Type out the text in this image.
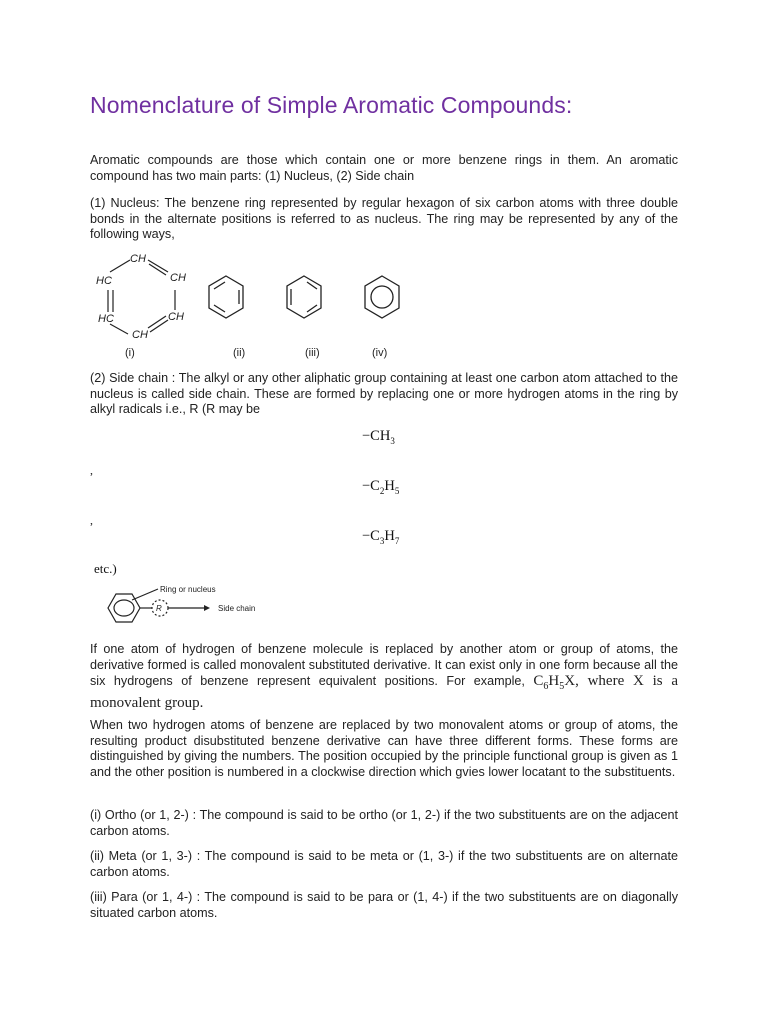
Nomenclature of Simple Aromatic Compounds:

Aromatic compounds are those which contain one or more benzene rings in them. An aromatic compound has two main parts: (1) Nucleus, (2) Side chain

(1) Nucleus: The benzene ring represented by regular hexagon of six carbon atoms with three double bonds in the alternate positions is referred to as nucleus. The ring may be represented by any of the following ways,

CH
HC	CH
HC
CH
CH
(i)	(ii)	(iii)	(iv)

(2) Side chain : The alkyl or any other aliphatic group containing at least one carbon atom attached to the nucleus is called side chain. These are formed by replacing one or more hydrogen atoms in the ring by alkyl radicals i.e., R (R may be

$-CH_3$
,
$-C_2H_5$
,
$-C_3H_7$
etc.)
Ring or nucleus
R	Side chain

If one atom of hydrogen of benzene molecule is replaced by another atom or group of atoms, the derivative formed is called monovalent substituted derivative. It can exist only in one form because all the six hydrogens of benzene represent equivalent positions. For example, $C_6H_5X$, where X is a monovalent group.

When two hydrogen atoms of benzene are replaced by two monovalent atoms or group of atoms, the resulting product disubstituted benzene derivative can have three different forms. These forms are distinguished by giving the numbers. The position occupied by the principle functional group is given as 1 and the other position is numbered in a clockwise direction which gvies lower locatant to the substituents.

(i) Ortho (or 1, 2-) : The compound is said to be ortho (or 1, 2-) if the two substituents are on the adjacent carbon atoms.

(ii) Meta (or 1, 3-) : The compound is said to be meta or (1, 3-) if the two substituents are on alternate carbon atoms.

(iii) Para (or 1, 4-) : The compound is said to be para or (1, 4-) if the two substituents are on diagonally situated carbon atoms.
